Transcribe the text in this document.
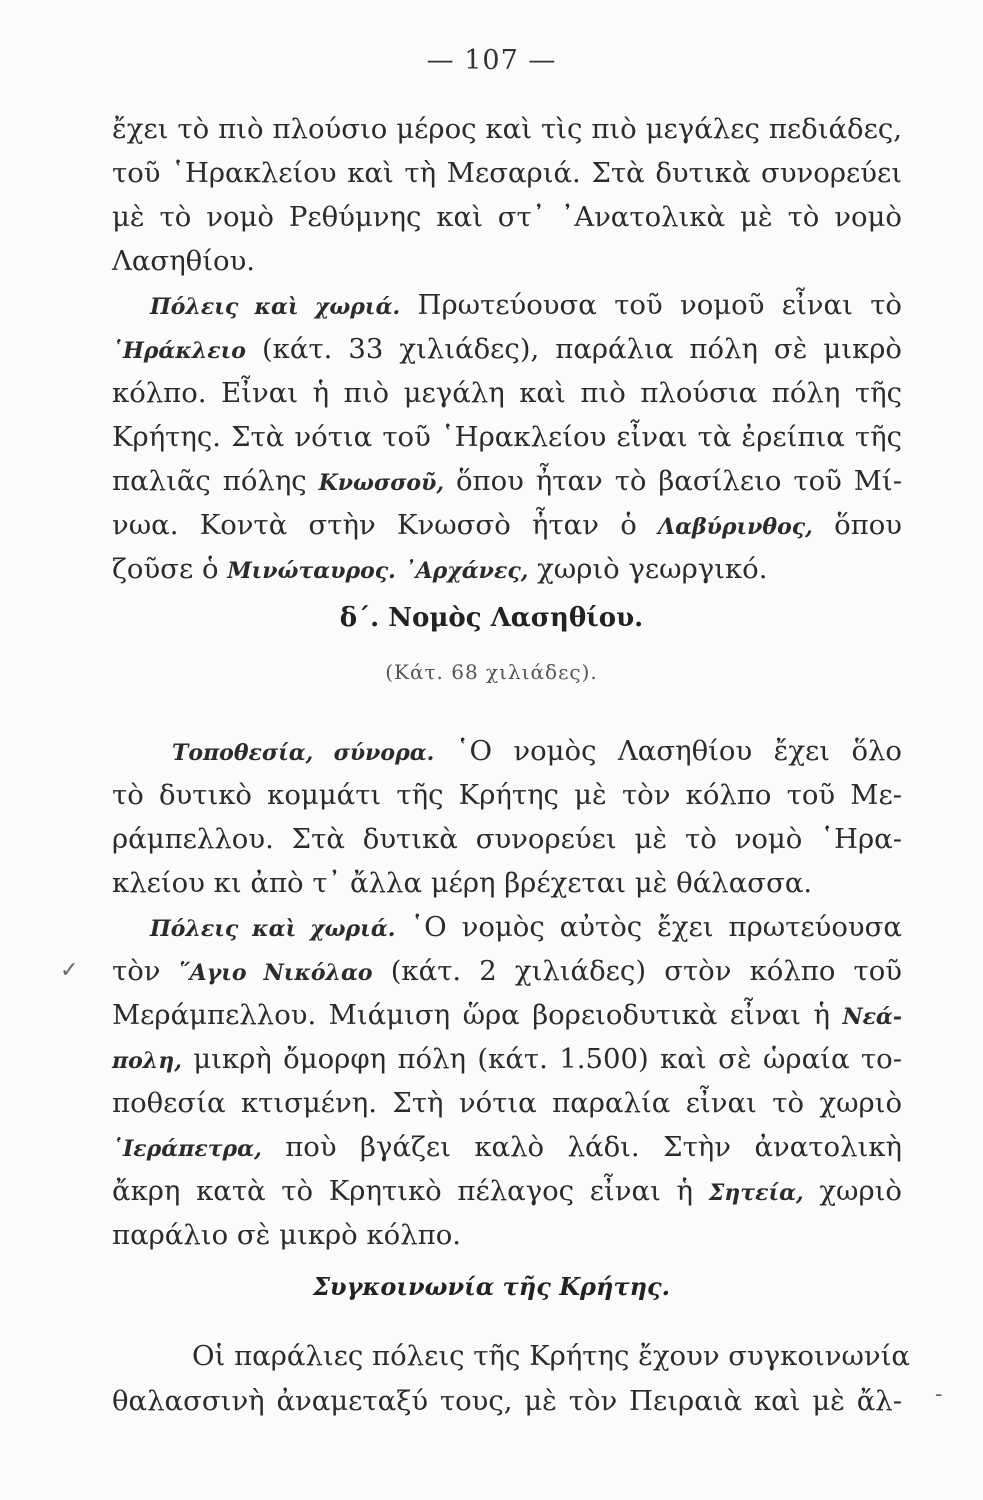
— 107 —
ἔχει τὸ πιὸ πλούσιο μέρος καὶ τὶς πιὸ μεγάλες πεδιάδες,
τοῦ ῾Ηρακλείου καὶ τὴ Μεσαριά. Στὰ δυτικὰ συνορεύει
μὲ τὸ νομὸ Ρεθύμνης καὶ στ᾽ ᾽Ανατολικὰ μὲ τὸ νομὸ
Λασηθίου.
Πόλεις καὶ χωριά. Πρωτεύουσα τοῦ νομοῦ εἶναι τὸ
῾Ηράκλειο (κάτ. 33 χιλιάδες), παράλια πόλη σὲ μικρὸ
κόλπο. Εἶναι ἡ πιὸ μεγάλη καὶ πιὸ πλούσια πόλη τῆς
Κρήτης. Στὰ νότια τοῦ ῾Ηρακλείου εἶναι τὰ ἐρείπια τῆς
παλιᾶς πόλης Κνωσσοῦ, ὅπου ἦταν τὸ βασίλειο τοῦ Μί-
νωα. Κοντὰ στὴν Κνωσσὸ ἦταν ὁ Λαβύρινθος, ὅπου
ζοῦσε ὁ Μινώταυρος. ᾽Αρχάνες, χωριὸ γεωργικό.
δ΄. Νομὸς Λασηθίου.
(Κάτ. 68 χιλιάδες).
Τοποθεσία, σύνορα. ῾Ο νομὸς Λασηθίου ἔχει ὅλο
τὸ δυτικὸ κομμάτι τῆς Κρήτης μὲ τὸν κόλπο τοῦ Με-
ράμπελλου. Στὰ δυτικὰ συνορεύει μὲ τὸ νομὸ ῾Ηρα-
κλείου κι ἀπὸ τ᾽ ἄλλα μέρη βρέχεται μὲ θάλασσα.
Πόλεις καὶ χωριά. ῾Ο νομὸς αὐτὸς ἔχει πρωτεύουσα
τὸν ῞Αγιο Νικόλαο (κάτ. 2 χιλιάδες) στὸν κόλπο τοῦ
Μεράμπελλου. Μιάμιση ὥρα βορειοδυτικὰ εἶναι ἡ Νεά-
πολη, μικρὴ ὄμορφη πόλη (κάτ. 1.500) καὶ σὲ ὡραία το-
ποθεσία κτισμένη. Στὴ νότια παραλία εἶναι τὸ χωριὸ
῾Ιεράπετρα, ποὺ βγάζει καλὸ λάδι. Στὴν ἀνατολικὴ
ἄκρη κατὰ τὸ Κρητικὸ πέλαγος εἶναι ἡ Σητεία, χωριὸ
παράλιο σὲ μικρὸ κόλπο.
Συγκοινωνία τῆς Κρήτης.
Οἱ παράλιες πόλεις τῆς Κρήτης ἔχουν συγκοινωνία
θαλασσινὴ ἀναμεταξύ τους, μὲ τὸν Πειραιὰ καὶ μὲ ἄλ-
✓
-
